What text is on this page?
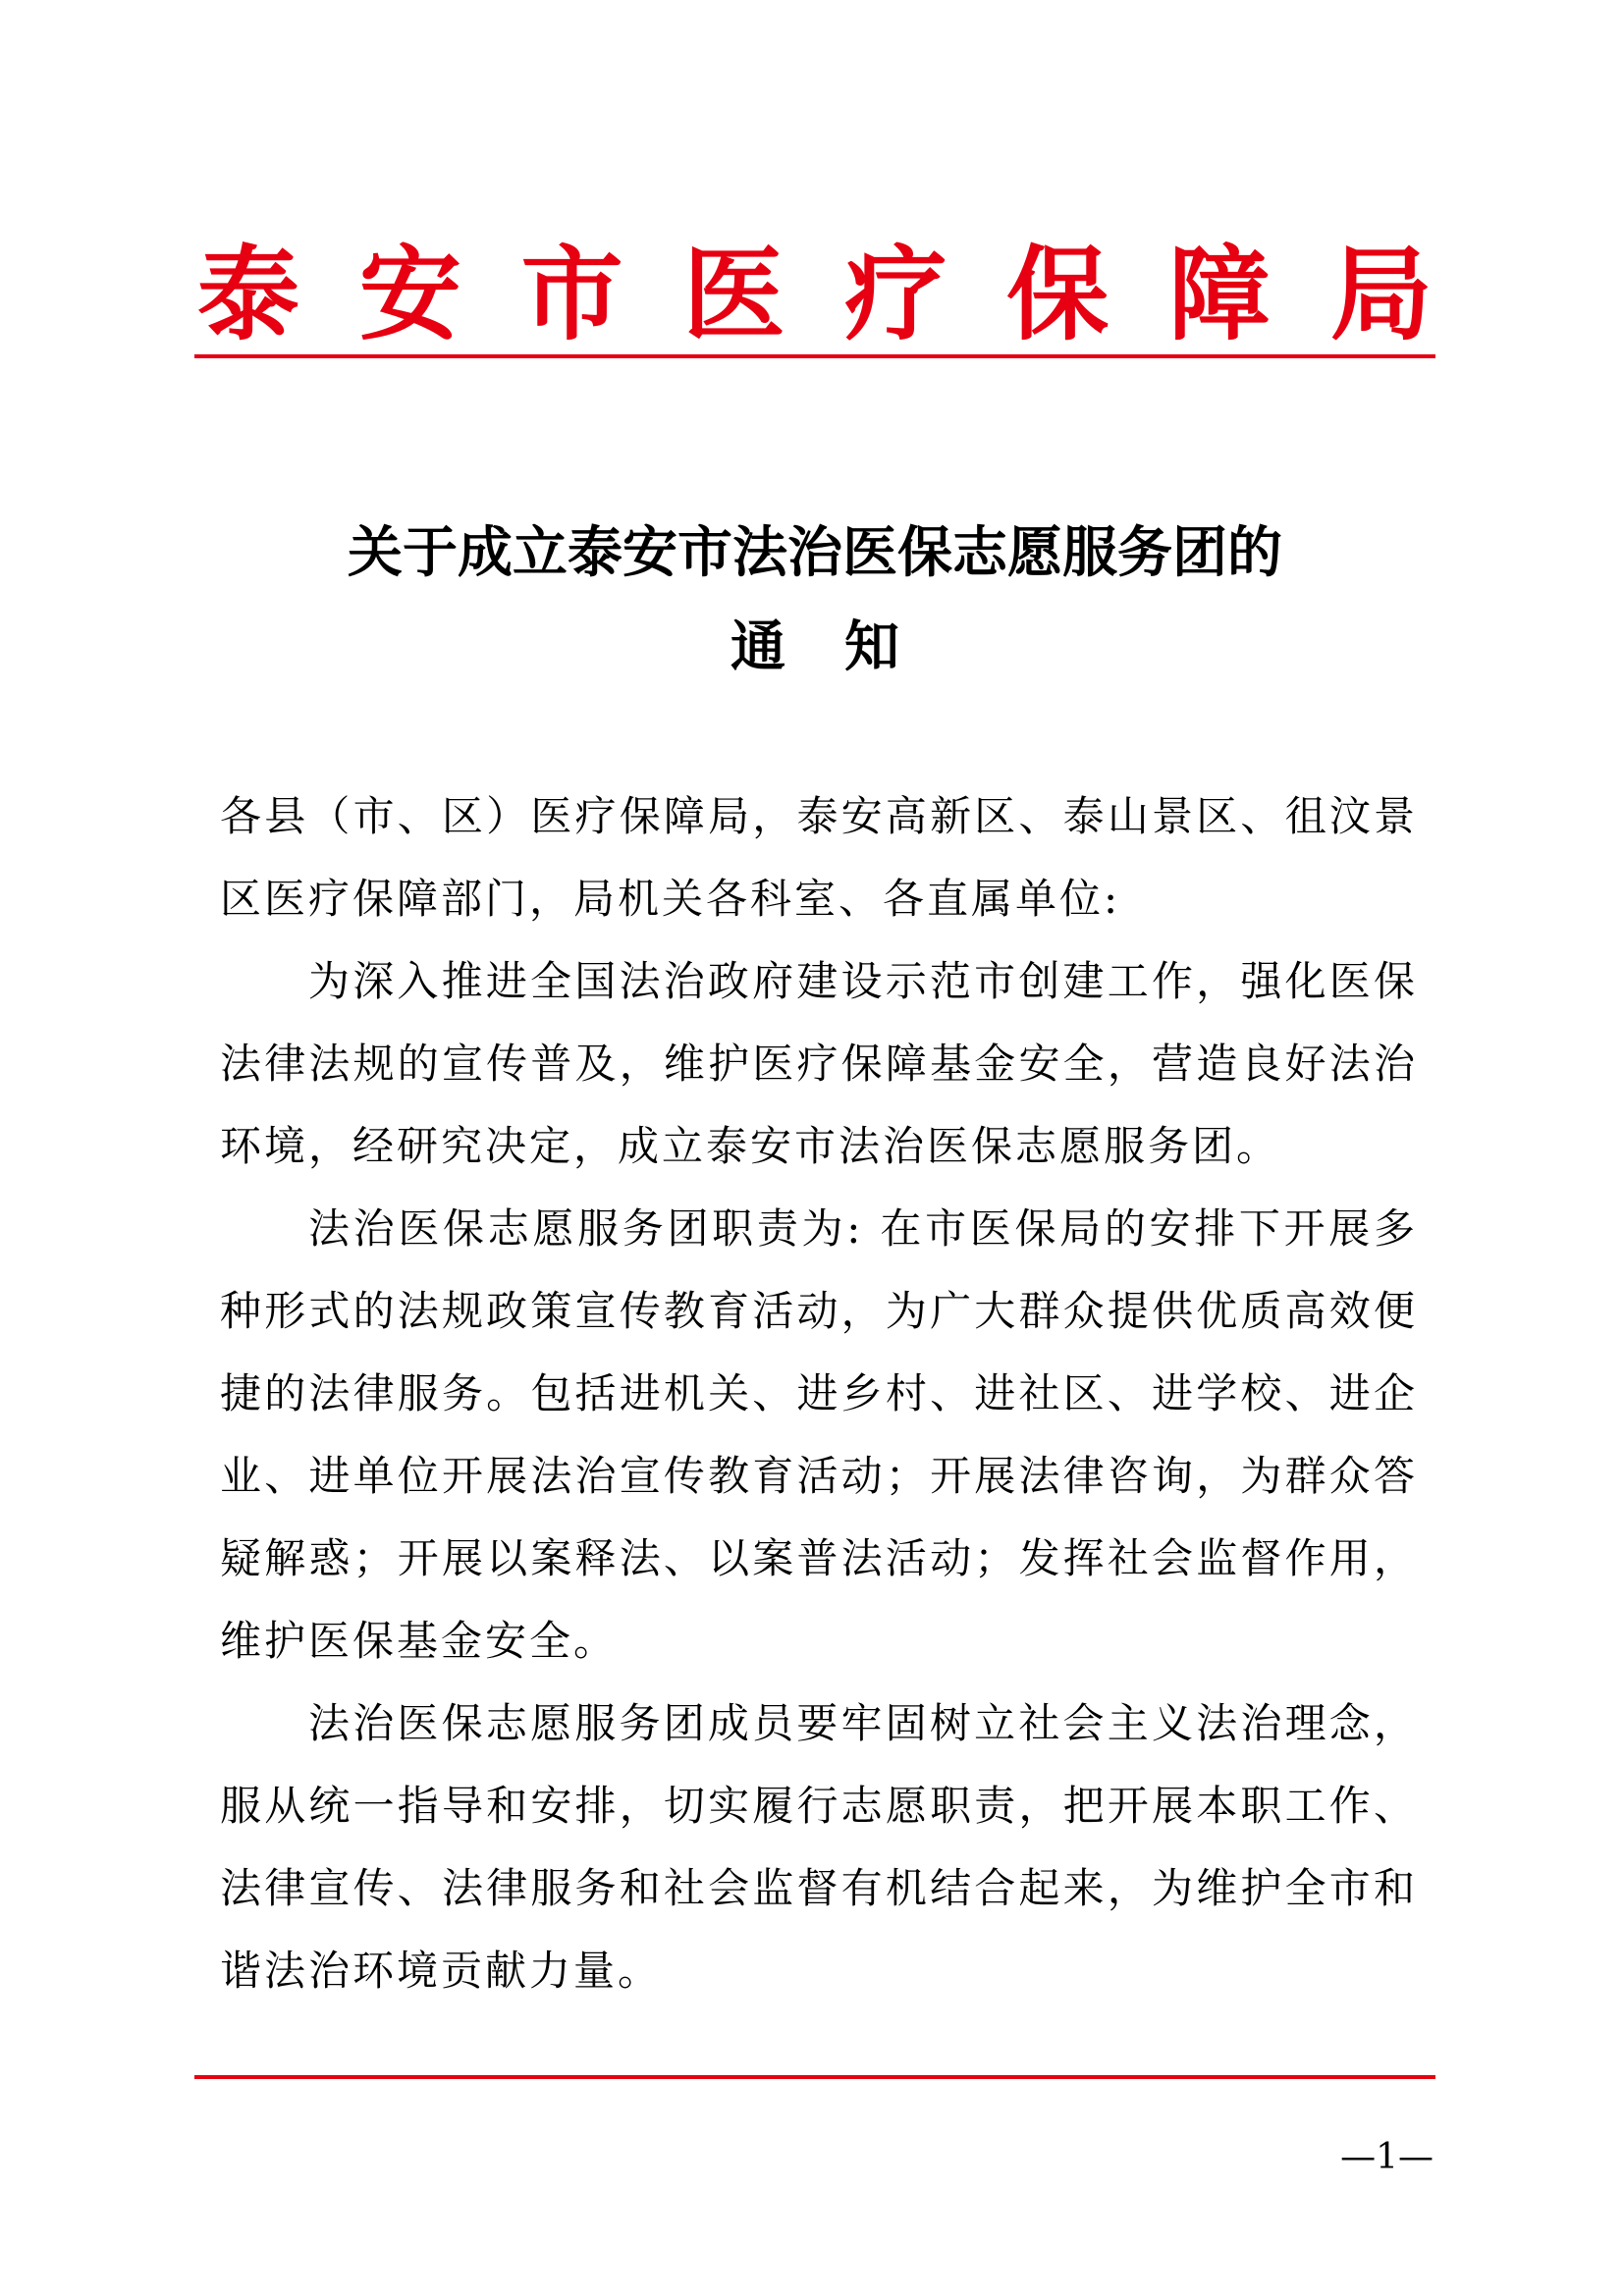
泰 安 市 医 疗 保 障 局
关于成立泰安市法治医保志愿服务团的
通知
各县（市、区）医疗保障局，泰安高新区、泰山景区、徂汶景区医疗保障部门，局机关各科室、各直属单位:
为深入推进全国法治政府建设示范市创建工作，强化医保法律法规的宣传普及，维护医疗保障基金安全，营造良好法治环境，经研究决定，成立泰安市法治医保志愿服务团。
法治医保志愿服务团职责为: 在市医保局的安排下开展多种形式的法规政策宣传教育活动，为广大群众提供优质高效便捷的法律服务。包括进机关、进乡村、进社区、进学校、进企业、进单位开展法治宣传教育活动；开展法律咨询，为群众答疑解惑；开展以案释法、以案普法活动；发挥社会监督作用，维护医保基金安全。
法治医保志愿服务团成员要牢固树立社会主义法治理念，服从统一指导和安排，切实履行志愿职责，把开展本职工作、法律宣传、法律服务和社会监督有机结合起来，为维护全市和谐法治环境贡献力量。
—1—
